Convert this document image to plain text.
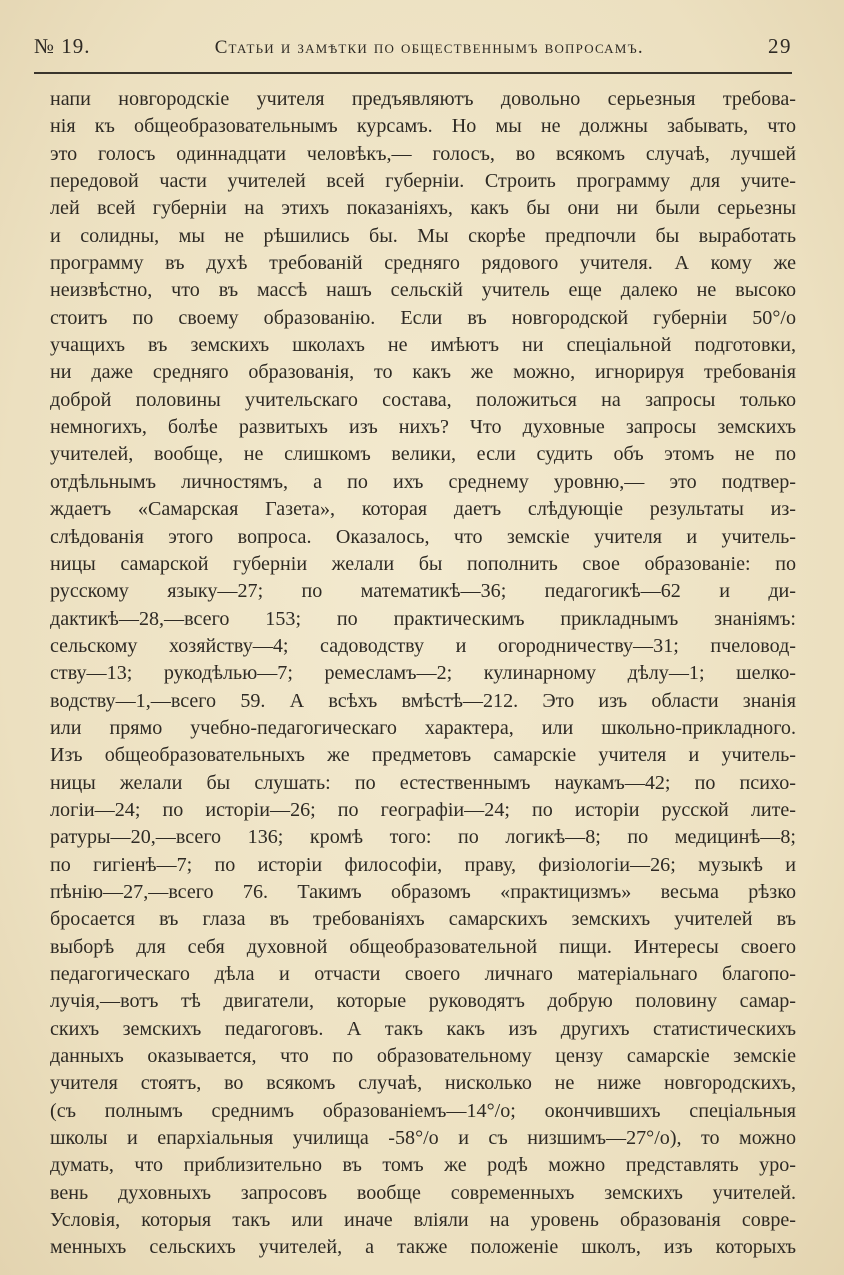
№ 19.	Статьи и замѣтки по общественнымъ вопросамъ.	29
напи новгородскіе учителя предъявляютъ довольно серьезныя требова-
нія къ общеобразовательнымъ курсамъ. Но мы не должны забывать, что
это голосъ одиннадцати человѣкъ,— голосъ, во всякомъ случаѣ, лучшей
передовой части учителей всей губерніи. Строить программу для учите-
лей всей губерніи на этихъ показаніяхъ, какъ бы они ни были серьезны
и солидны, мы не рѣшились бы. Мы скорѣе предпочли бы выработать
программу въ духѣ требованій средняго рядового учителя. А кому же
неизвѣстно, что въ массѣ нашъ сельскій учитель еще далеко не высоко
стоитъ по своему образованію. Если въ новгородской губерніи 50°/о
учащихъ въ земскихъ школахъ не имѣютъ ни спеціальной подготовки,
ни даже средняго образованія, то какъ же можно, игнорируя требованія
доброй половины учительскаго состава, положиться на запросы только
немногихъ, болѣе развитыхъ изъ нихъ? Что духовные запросы земскихъ
учителей, вообще, не слишкомъ велики, если судить объ этомъ не по
отдѣльнымъ личностямъ, а по ихъ среднему уровню,— это подтвер-
ждаетъ «Самарская Газета», которая даетъ слѣдующіе результаты из-
слѣдованія этого вопроса. Оказалось, что земскіе учителя и учитель-
ницы самарской губерніи желали бы пополнить свое образованіе: по
русскому языку—27; по математикѣ—36; педагогикѣ—62 и ди-
дактикѣ—28,—всего 153; по практическимъ прикладнымъ знаніямъ:
сельскому хозяйству—4; садоводству и огородничеству—31; пчеловод-
ству—13; рукодѣлью—7; ремесламъ—2; кулинарному дѣлу—1; шелко-
водству—1,—всего 59. А всѣхъ вмѣстѣ—212. Это изъ области знанія
или прямо учебно-педагогическаго характера, или школьно-прикладного.
Изъ общеобразовательныхъ же предметовъ самарскіе учителя и учитель-
ницы желали бы слушать: по естественнымъ наукамъ—42; по психо-
логіи—24; по исторіи—26; по географіи—24; по исторіи русской лите-
ратуры—20,—всего 136; кромѣ того: по логикѣ—8; по медицинѣ—8;
по гигіенѣ—7; по исторіи философіи, праву, физіологіи—26; музыкѣ и
пѣнію—27,—всего 76. Такимъ образомъ «практицизмъ» весьма рѣзко
бросается въ глаза въ требованіяхъ самарскихъ земскихъ учителей въ
выборѣ для себя духовной общеобразовательной пищи. Интересы своего
педагогическаго дѣла и отчасти своего личнаго матеріальнаго благопо-
лучія,—вотъ тѣ двигатели, которые руководятъ добрую половину самар-
скихъ земскихъ педагоговъ. А такъ какъ изъ другихъ статистическихъ
данныхъ оказывается, что по образовательному цензу самарскіе земскіе
учителя стоятъ, во всякомъ случаѣ, нисколько не ниже новгородскихъ,
(съ полнымъ среднимъ образованіемъ—14°/о; окончившихъ спеціальныя
школы и епархіальныя училища -58°/о и съ низшимъ—27°/о), то можно
думать, что приблизительно въ томъ же родѣ можно представлять уро-
вень духовныхъ запросовъ вообще современныхъ земскихъ учителей.
Условія, которыя такъ или иначе вліяли на уровень образованія совре-
менныхъ сельскихъ учителей, а также положеніе школъ, изъ которыхъ
